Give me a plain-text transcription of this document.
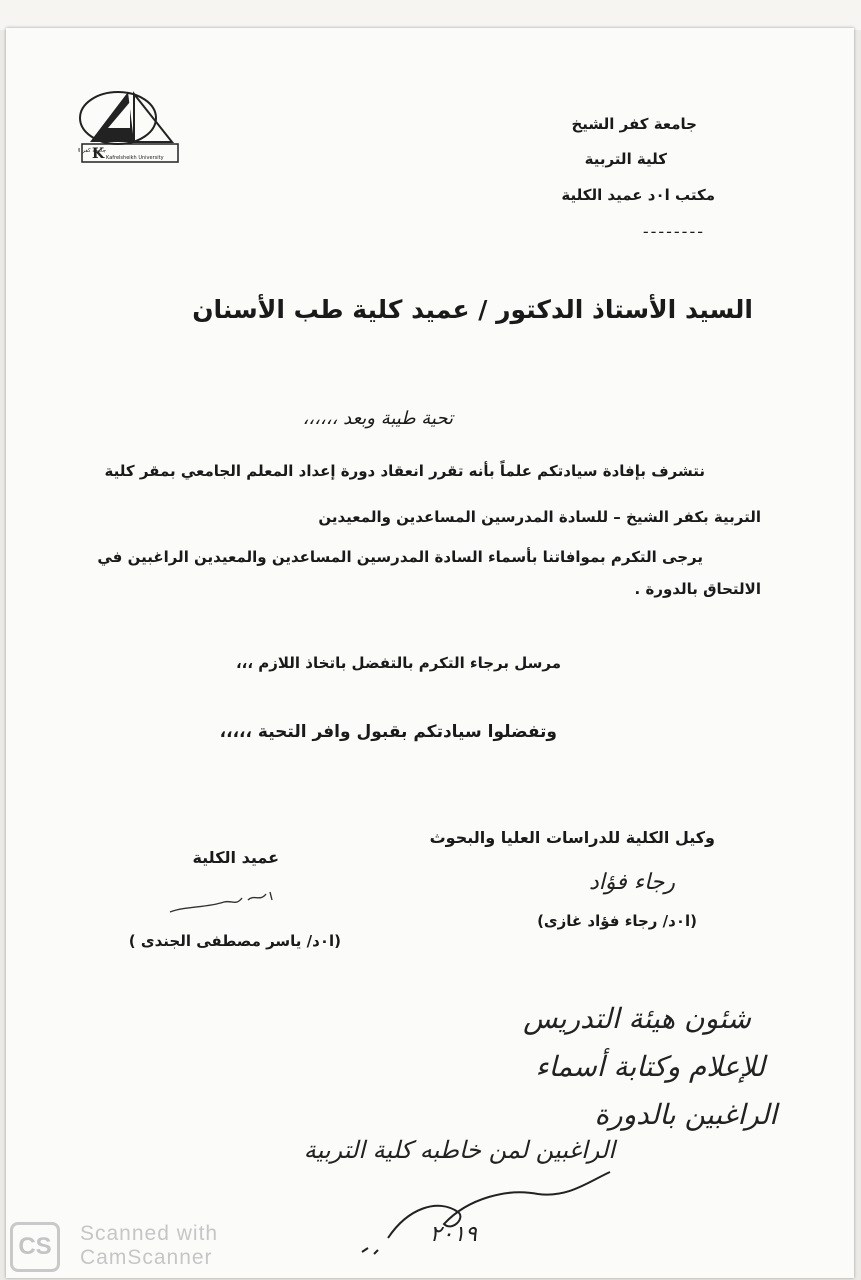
K
جامعة كفر ا
Kafrelsheikh University
جامعة كفر الشيخ
كلية التربية
مكتب ا٠د عميد الكلية
--------
السيد الأستاذ الدكتور / عميد كلية طب الأسنان
تحية طيبة وبعد ،،،،،،
نتشرف بإفادة سيادتكم علماً بأنه تقرر انعقاد دورة إعداد المعلم الجامعي بمقر كلية
التربية بكفر الشيخ – للسادة المدرسين المساعدين والمعيدين
يرجى التكرم بموافاتنا بأسماء السادة المدرسين المساعدين والمعيدين الراغبين في
الالتحاق بالدورة .
مرسل برجاء التكرم بالتفضل باتخاذ اللازم ،،،
وتفضلوا سيادتكم بقبول وافر التحية ،،،،،
وكيل الكلية للدراسات العليا والبحوث
رجاء فؤاد
(ا٠د/ رجاء فؤاد غازى)
عميد الكلية
(ا٠د/ ياسر مصطفى الجندى )
شئون هيئة التدريس
للإعلام وكتابة أسماء
الراغبين بالدورة
الراغبين لمن خاطبه كلية التربية
٢٠١٩
CS	Scanned with
CamScanner
